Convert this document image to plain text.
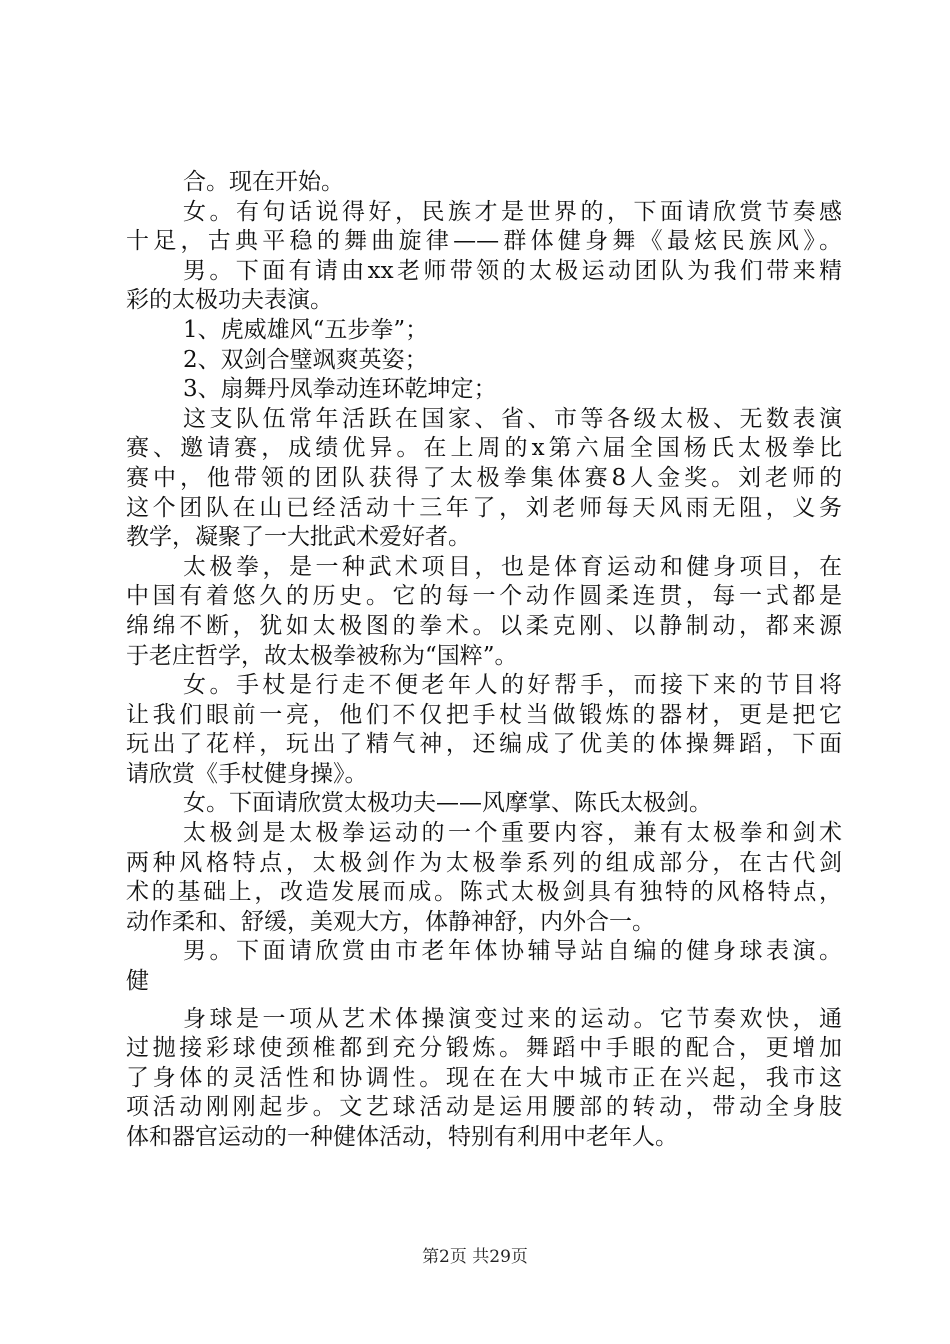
合。现在开始。
女。有句话说得好，民族才是世界的，下面请欣赏节奏感
十足，古典平稳的舞曲旋律——群体健身舞《最炫民族风》。
男。下面有请由xx老师带领的太极运动团队为我们带来精
彩的太极功夫表演。
1、虎威雄风“五步拳”；
2、双剑合璧飒爽英姿；
3、扇舞丹凤拳动连环乾坤定；
这支队伍常年活跃在国家、省、市等各级太极、无数表演
赛、邀请赛，成绩优异。在上周的x第六届全国杨氏太极拳比
赛中，他带领的团队获得了太极拳集体赛8人金奖。刘老师的
这个团队在山已经活动十三年了，刘老师每天风雨无阻，义务
教学，凝聚了一大批武术爱好者。
太极拳，是一种武术项目，也是体育运动和健身项目，在
中国有着悠久的历史。它的每一个动作圆柔连贯，每一式都是
绵绵不断，犹如太极图的拳术。以柔克刚、以静制动，都来源
于老庄哲学，故太极拳被称为“国粹”。
女。手杖是行走不便老年人的好帮手，而接下来的节目将
让我们眼前一亮，他们不仅把手杖当做锻炼的器材，更是把它
玩出了花样，玩出了精气神，还编成了优美的体操舞蹈，下面
请欣赏《手杖健身操》。
女。下面请欣赏太极功夫——风摩掌、陈氏太极剑。
太极剑是太极拳运动的一个重要内容，兼有太极拳和剑术
两种风格特点，太极剑作为太极拳系列的组成部分，在古代剑
术的基础上，改造发展而成。陈式太极剑具有独特的风格特点，
动作柔和、舒缓，美观大方，体静神舒，内外合一。
男。下面请欣赏由市老年体协辅导站自编的健身球表演。
健
身球是一项从艺术体操演变过来的运动。它节奏欢快，通
过抛接彩球使颈椎都到充分锻炼。舞蹈中手眼的配合，更增加
了身体的灵活性和协调性。现在在大中城市正在兴起，我市这
项活动刚刚起步。文艺球活动是运用腰部的转动，带动全身肢
体和器官运动的一种健体活动，特别有利用中老年人。
第2页 共29页
